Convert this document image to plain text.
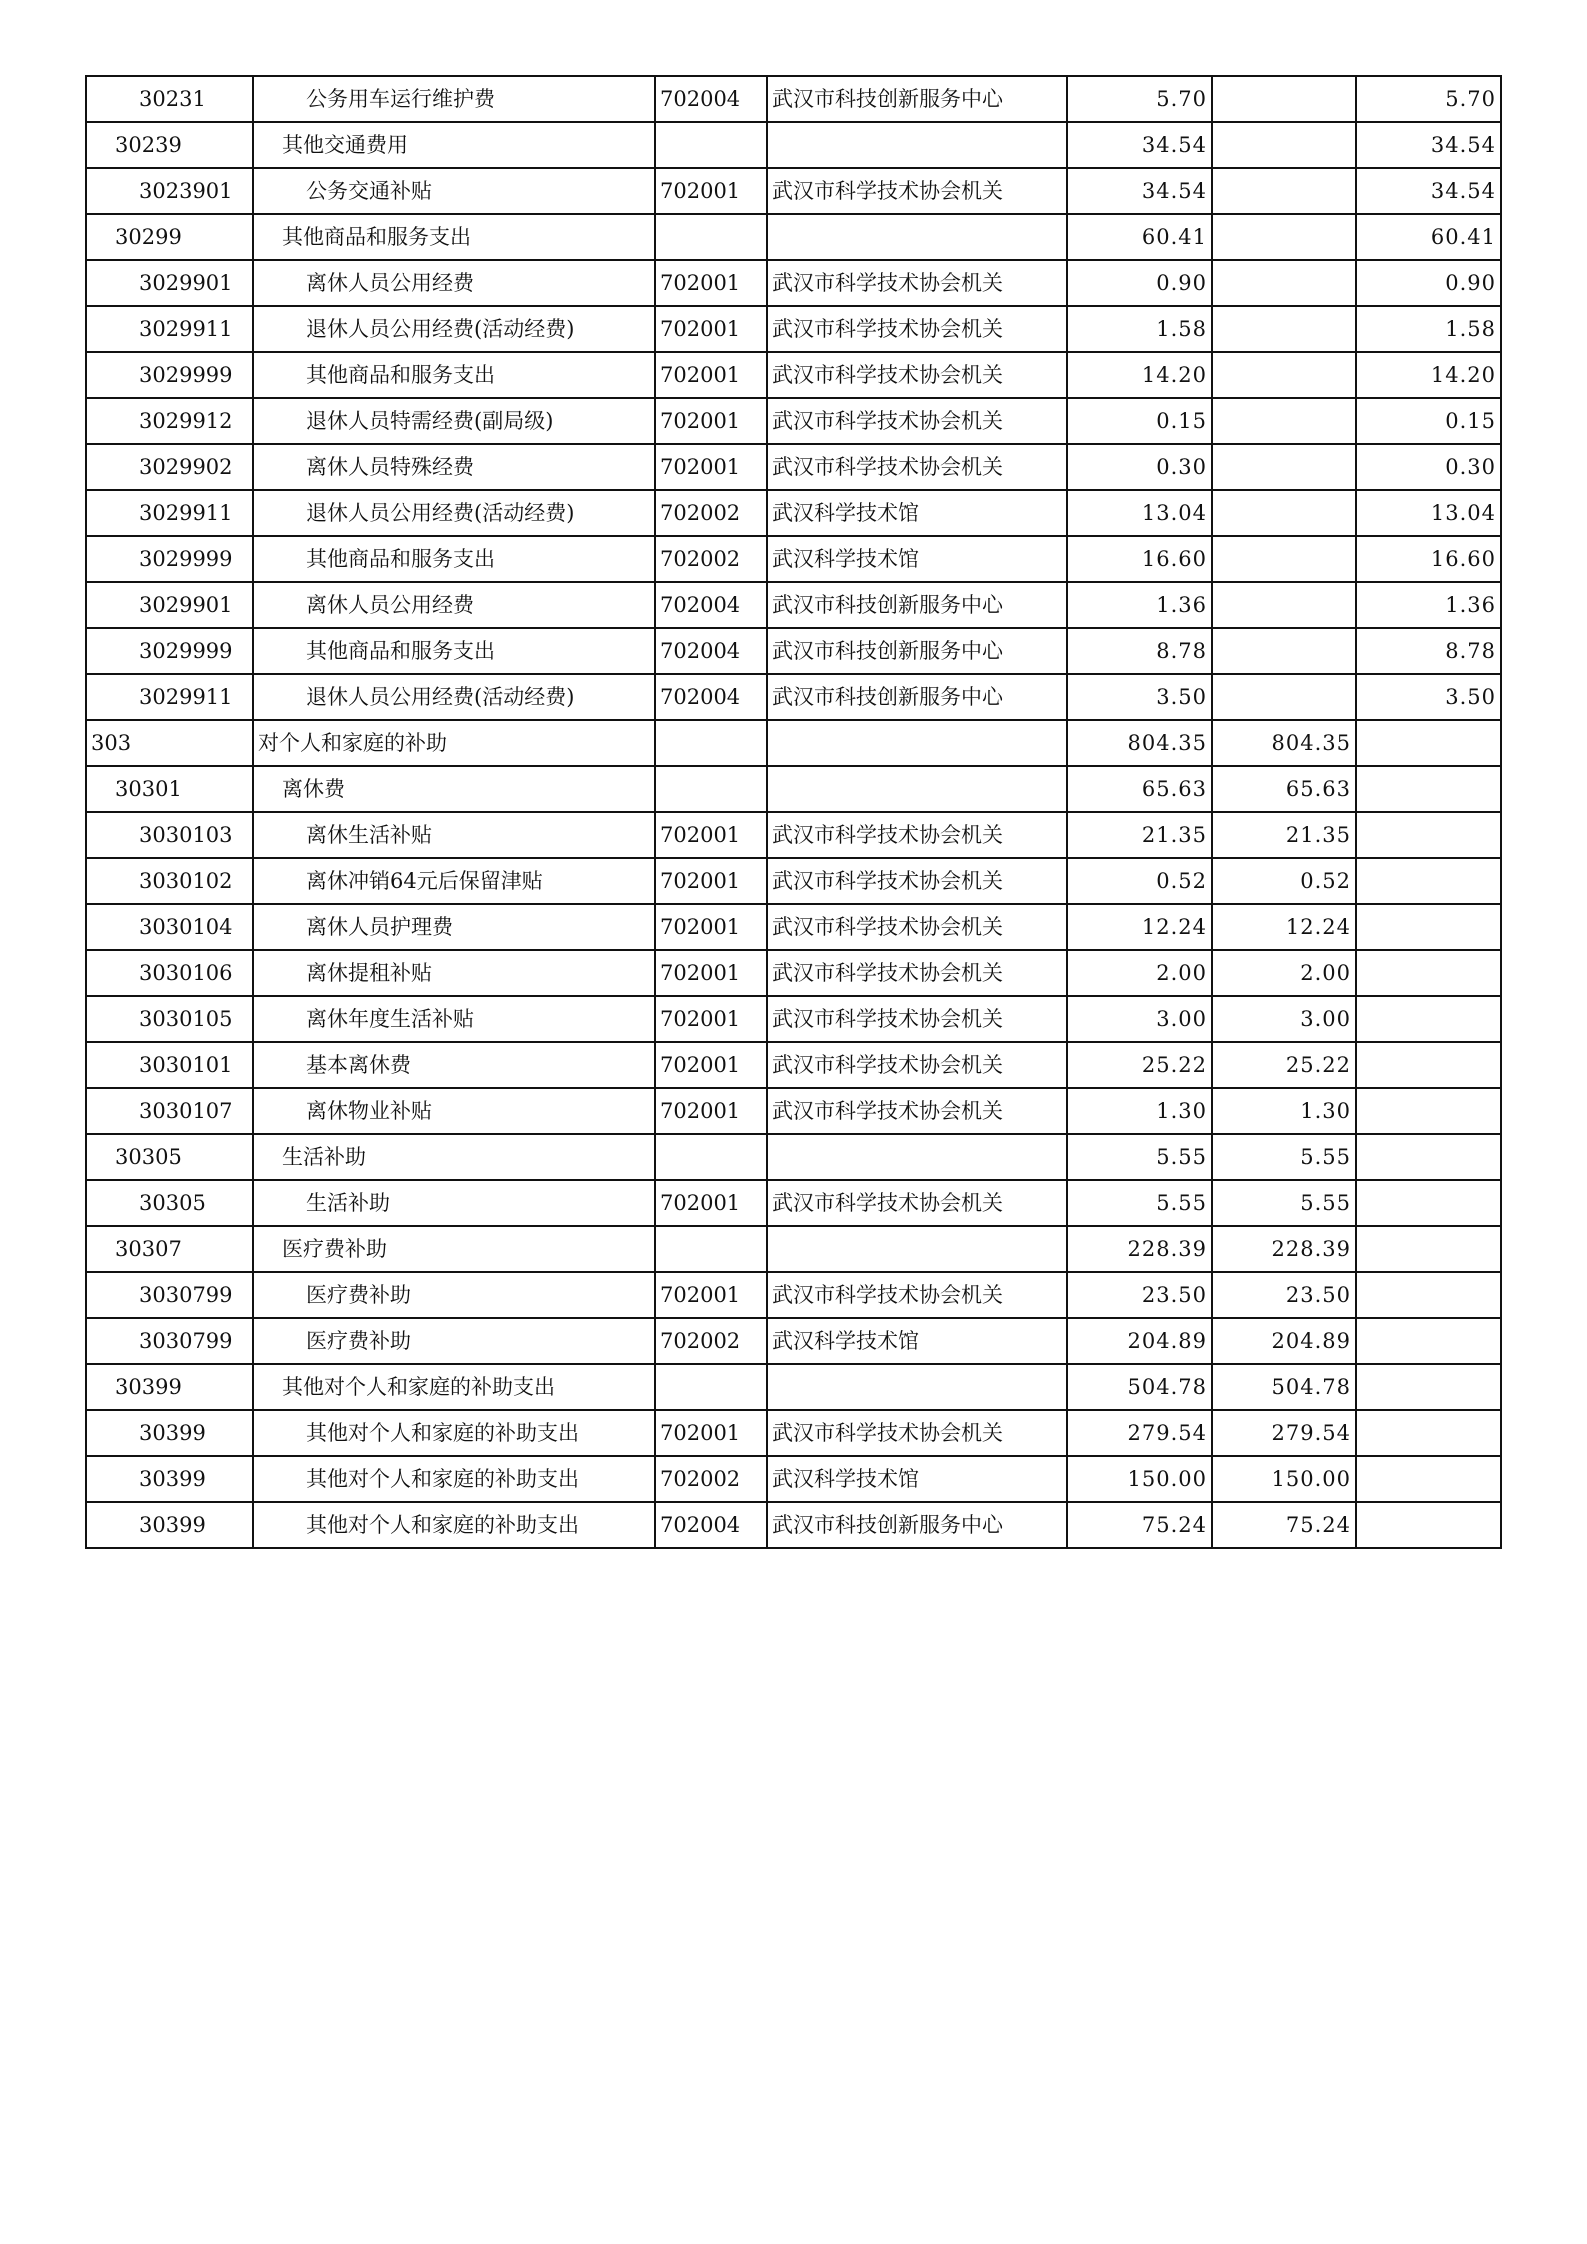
30231	公务用车运行维护费	702004	武汉市科技创新服务中心	5.70		5.70
30239	其他交通费用			34.54		34.54
3023901	公务交通补贴	702001	武汉市科学技术协会机关	34.54		34.54
30299	其他商品和服务支出			60.41		60.41
3029901	离休人员公用经费	702001	武汉市科学技术协会机关	0.90		0.90
3029911	退休人员公用经费(活动经费)	702001	武汉市科学技术协会机关	1.58		1.58
3029999	其他商品和服务支出	702001	武汉市科学技术协会机关	14.20		14.20
3029912	退休人员特需经费(副局级)	702001	武汉市科学技术协会机关	0.15		0.15
3029902	离休人员特殊经费	702001	武汉市科学技术协会机关	0.30		0.30
3029911	退休人员公用经费(活动经费)	702002	武汉科学技术馆	13.04		13.04
3029999	其他商品和服务支出	702002	武汉科学技术馆	16.60		16.60
3029901	离休人员公用经费	702004	武汉市科技创新服务中心	1.36		1.36
3029999	其他商品和服务支出	702004	武汉市科技创新服务中心	8.78		8.78
3029911	退休人员公用经费(活动经费)	702004	武汉市科技创新服务中心	3.50		3.50
303	对个人和家庭的补助			804.35	804.35	
30301	离休费			65.63	65.63	
3030103	离休生活补贴	702001	武汉市科学技术协会机关	21.35	21.35	
3030102	离休冲销64元后保留津贴	702001	武汉市科学技术协会机关	0.52	0.52	
3030104	离休人员护理费	702001	武汉市科学技术协会机关	12.24	12.24	
3030106	离休提租补贴	702001	武汉市科学技术协会机关	2.00	2.00	
3030105	离休年度生活补贴	702001	武汉市科学技术协会机关	3.00	3.00	
3030101	基本离休费	702001	武汉市科学技术协会机关	25.22	25.22	
3030107	离休物业补贴	702001	武汉市科学技术协会机关	1.30	1.30	
30305	生活补助			5.55	5.55	
30305	生活补助	702001	武汉市科学技术协会机关	5.55	5.55	
30307	医疗费补助			228.39	228.39	
3030799	医疗费补助	702001	武汉市科学技术协会机关	23.50	23.50	
3030799	医疗费补助	702002	武汉科学技术馆	204.89	204.89	
30399	其他对个人和家庭的补助支出			504.78	504.78	
30399	其他对个人和家庭的补助支出	702001	武汉市科学技术协会机关	279.54	279.54	
30399	其他对个人和家庭的补助支出	702002	武汉科学技术馆	150.00	150.00	
30399	其他对个人和家庭的补助支出	702004	武汉市科技创新服务中心	75.24	75.24	
